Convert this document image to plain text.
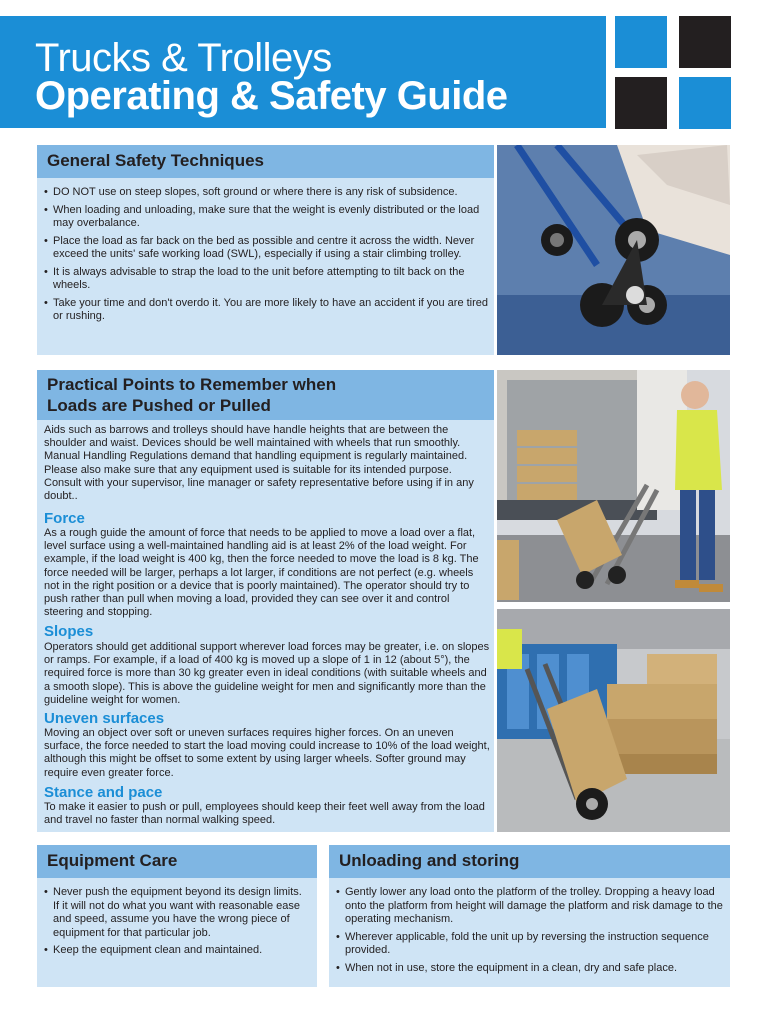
Trucks & Trolleys
Operating & Safety Guide
General Safety Techniques
• DO NOT use on steep slopes, soft ground or where there is any risk of subsidence.
• When loading and unloading, make sure that the weight is evenly distributed or the load may overbalance.
• Place the load as far back on the bed as possible and centre it across the width. Never exceed the units' safe working load (SWL), especially if using a stair climbing trolley.
• It is always advisable to strap the load to the unit before attempting to tilt back on the wheels.
• Take your time and don't overdo it. You are more likely to have an accident if you are tired or rushing.
Practical Points to Remember when
Loads are Pushed or Pulled
Aids such as barrows and trolleys should have handle heights that are between the shoulder and waist. Devices should be well maintained with wheels that run smoothly. Manual Handling Regulations demand that handling equipment is regularly maintained. Please also make sure that any equipment used is suitable for its intended purpose. Consult with your supervisor, line manager or safety representative before using if in any doubt..
Force
As a rough guide the amount of force that needs to be applied to move a load over a flat, level surface using a well-maintained handling aid is at least 2% of the load weight. For example, if the load weight is 400 kg, then the force needed to move the load is 8 kg. The force needed will be larger, perhaps a lot larger, if conditions are not perfect (e.g. wheels not in the right position or a device that is poorly maintained). The operator should try to push rather than pull when moving a load, provided they can see over it and control steering and stopping.
Slopes
Operators should get additional support wherever load forces may be greater, i.e. on slopes or ramps. For example, if a load of 400 kg is moved up a slope of 1 in 12 (about 5°), the required force is more than 30 kg greater even in ideal conditions (with suitable wheels and a smooth slope). This is above the guideline weight for men and significantly more than the guideline weight for women.
Uneven surfaces
Moving an object over soft or uneven surfaces requires higher forces. On an uneven surface, the force needed to start the load moving could increase to 10% of the load weight, although this might be offset to some extent by using larger wheels. Softer ground may require even greater force.
Stance and pace
To make it easier to push or pull, employees should keep their feet well away from the load and travel no faster than normal walking speed.
Equipment Care
• Never push the equipment beyond its design limits. If it will not do what you want with reasonable ease and speed, assume you have the wrong piece of equipment for that particular job.
• Keep the equipment clean and maintained.
Unloading and storing
• Gently lower any load onto the platform of the trolley. Dropping a heavy load onto the platform from height will damage the platform and risk damage to the operating mechanism.
• Wherever applicable, fold the unit up by reversing the instruction sequence provided.
• When not in use, store the equipment in a clean, dry and safe place.
